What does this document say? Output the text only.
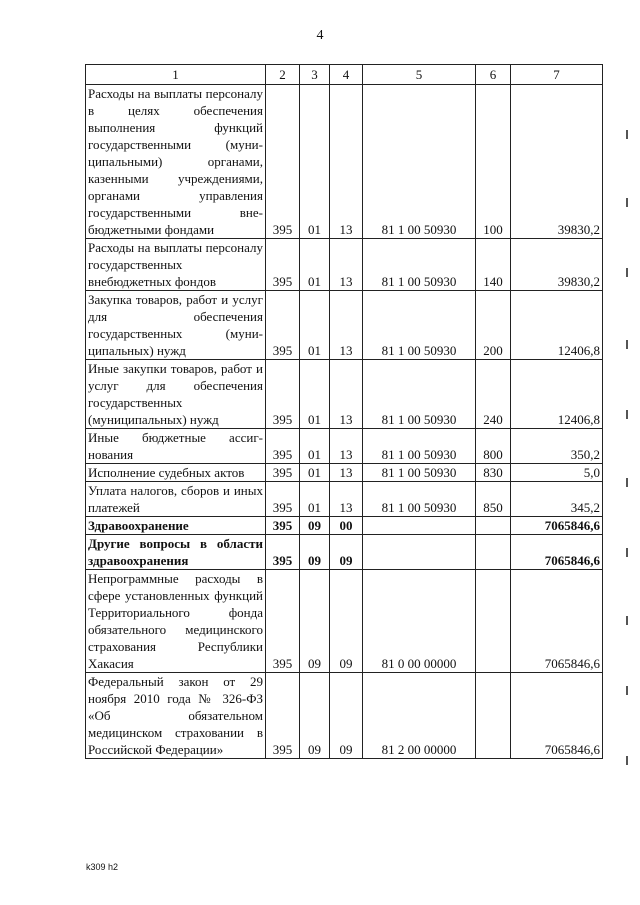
4
1	2	3	4	5	6	7
Расходы на выплаты персоналу в целях обеспечения выполнения функций государственными (муниципальными) органами, казенными учреждениями, органами управления государственными внебюджетными фондами	395	01	13	81 1 00 50930	100	39830,2
Расходы на выплаты персоналу государственных внебюджетных фондов	395	01	13	81 1 00 50930	140	39830,2
Закупка товаров, работ и услуг для обеспечения государственных (муниципальных) нужд	395	01	13	81 1 00 50930	200	12406,8
Иные закупки товаров, работ и услуг для обеспечения государственных (муниципальных) нужд	395	01	13	81 1 00 50930	240	12406,8
Иные бюджетные ассигнования	395	01	13	81 1 00 50930	800	350,2
Исполнение судебных актов	395	01	13	81 1 00 50930	830	5,0
Уплата налогов, сборов и иных платежей	395	01	13	81 1 00 50930	850	345,2
Здравоохранение	395	09	00			7065846,6
Другие вопросы в области здравоохранения	395	09	09			7065846,6
Непрограммные расходы в сфере установленных функций Территориального фонда обязательного медицинского страхования Республики Хакасия	395	09	09	81 0 00 00000		7065846,6
Федеральный закон от 29 ноября 2010 года № 326-ФЗ «Об обязательном медицинском страховании в Российской Федерации»	395	09	09	81 2 00 00000		7065846,6
k309 h2
